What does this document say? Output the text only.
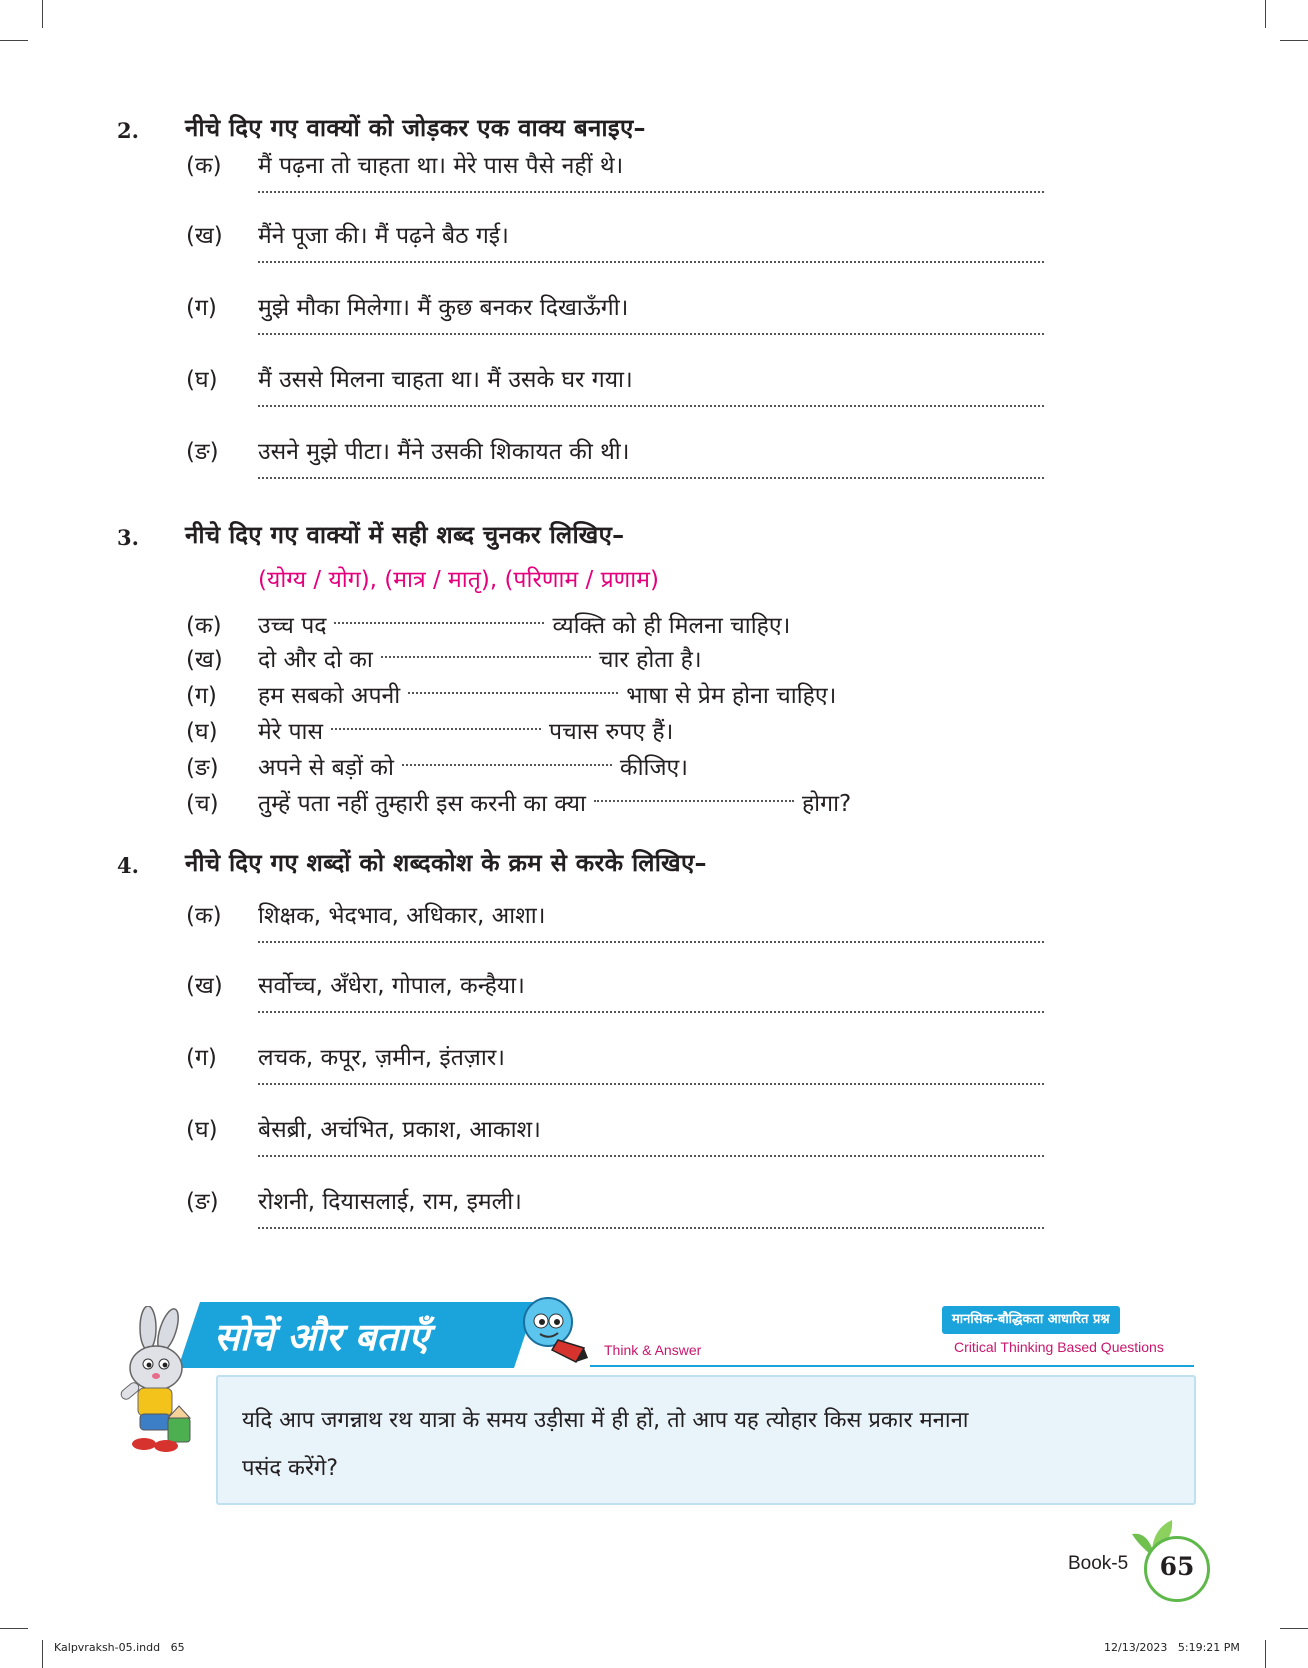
2. नीचे दिए गए वाक्यों को जोड़कर एक वाक्य बनाइए–
(क) मैं पढ़ना तो चाहता था। मेरे पास पैसे नहीं थे।
(ख) मैंने पूजा की। मैं पढ़ने बैठ गई।
(ग) मुझे मौका मिलेगा। मैं कुछ बनकर दिखाऊँगी।
(घ) मैं उससे मिलना चाहता था। मैं उसके घर गया।
(ङ) उसने मुझे पीटा। मैंने उसकी शिकायत की थी।
3. नीचे दिए गए वाक्यों में सही शब्द चुनकर लिखिए–
(योग्य / योग), (मात्र / मातृ), (परिणाम / प्रणाम)
(क) उच्च पद	व्यक्ति को ही मिलना चाहिए।
(ख) दो और दो का	चार होता है।
(ग) हम सबको अपनी	भाषा से प्रेम होना चाहिए।
(घ) मेरे पास	पचास रुपए हैं।
(ङ) अपने से बड़ों को	कीजिए।
(च) तुम्हें पता नहीं तुम्हारी इस करनी का क्या	होगा?
4. नीचे दिए गए शब्दों को शब्दकोश के क्रम से करके लिखिए–
(क) शिक्षक, भेदभाव, अधिकार, आशा।
(ख) सर्वोच्च, अँधेरा, गोपाल, कन्हैया।
(ग) लचक, कपूर, ज़मीन, इंतज़ार।
(घ) बेसब्री, अचंभित, प्रकाश, आकाश।
(ङ) रोशनी, दियासलाई, राम, इमली।
सोचें और बताएँ	Think & Answer
मानसिक-बौद्धिकता आधारित प्रश्न
Critical Thinking Based Questions
यदि आप जगन्नाथ रथ यात्रा के समय उड़ीसा में ही हों, तो आप यह त्योहार किस प्रकार मनाना
पसंद करेंगे?
Book-5	65
Kalpvraksh-05.indd   65	12/13/2023   5:19:21 PM
